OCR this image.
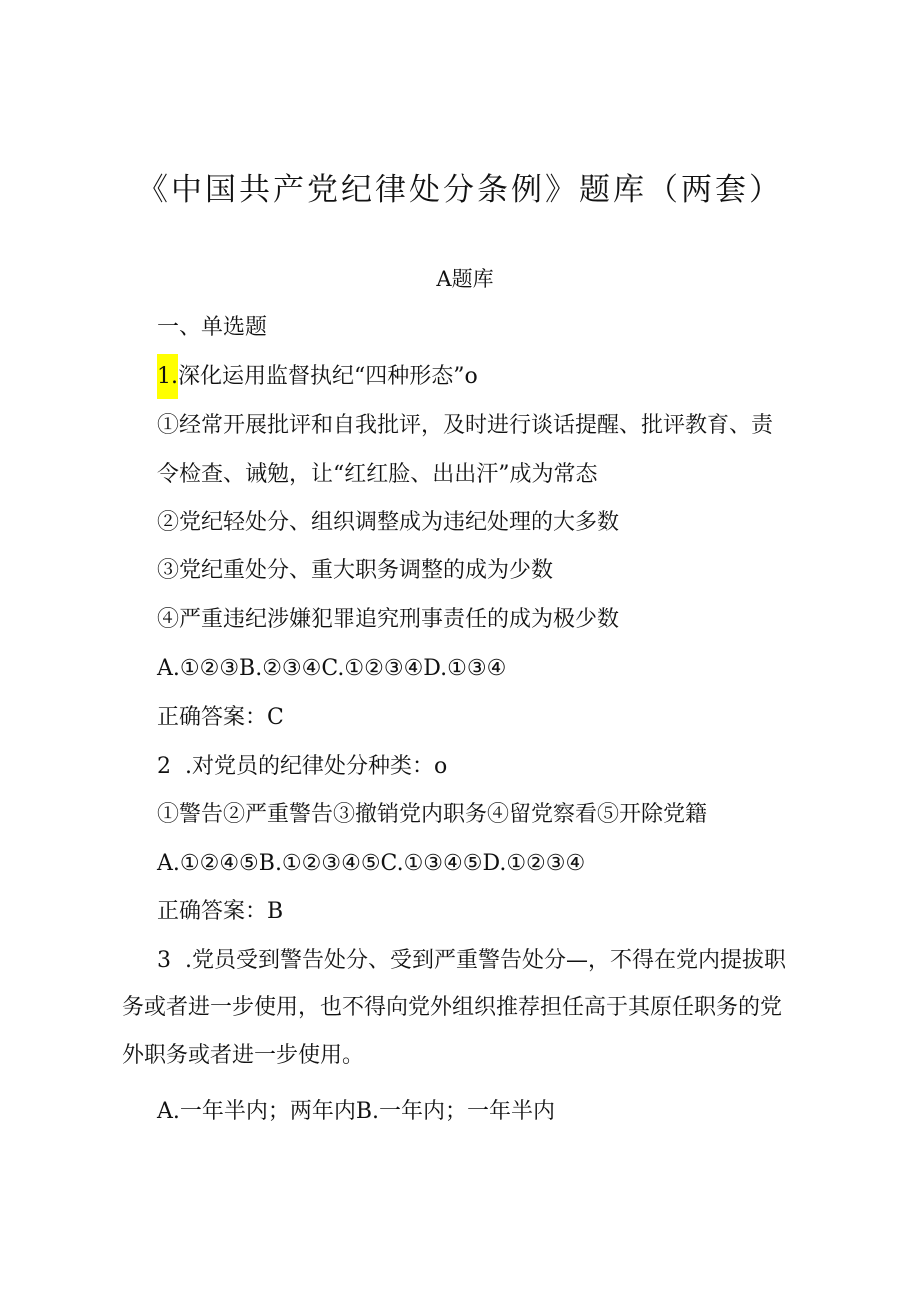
《中国共产党纪律处分条例》题库（两套）
A题库
一、单选题
1.深化运用监督执纪“四种形态”o
①经常开展批评和自我批评，及时进行谈话提醒、批评教育、责
令检查、诫勉，让“红红脸、出出汗”成为常态
②党纪轻处分、组织调整成为违纪处理的大多数
③党纪重处分、重大职务调整的成为少数
④严重违纪涉嫌犯罪追究刑事责任的成为极少数
A.①②③B.②③④C.①②③④D.①③④
正确答案：C
2 .对党员的纪律处分种类：o
①警告②严重警告③撤销党内职务④留党察看⑤开除党籍
A.①②④⑤B.①②③④⑤C.①③④⑤D.①②③④
正确答案：B
3 .党员受到警告处分、受到严重警告处分—，不得在党内提拔职
务或者进一步使用，也不得向党外组织推荐担任高于其原任职务的党
外职务或者进一步使用。
A.一年半内；两年内B.一年内；一年半内
